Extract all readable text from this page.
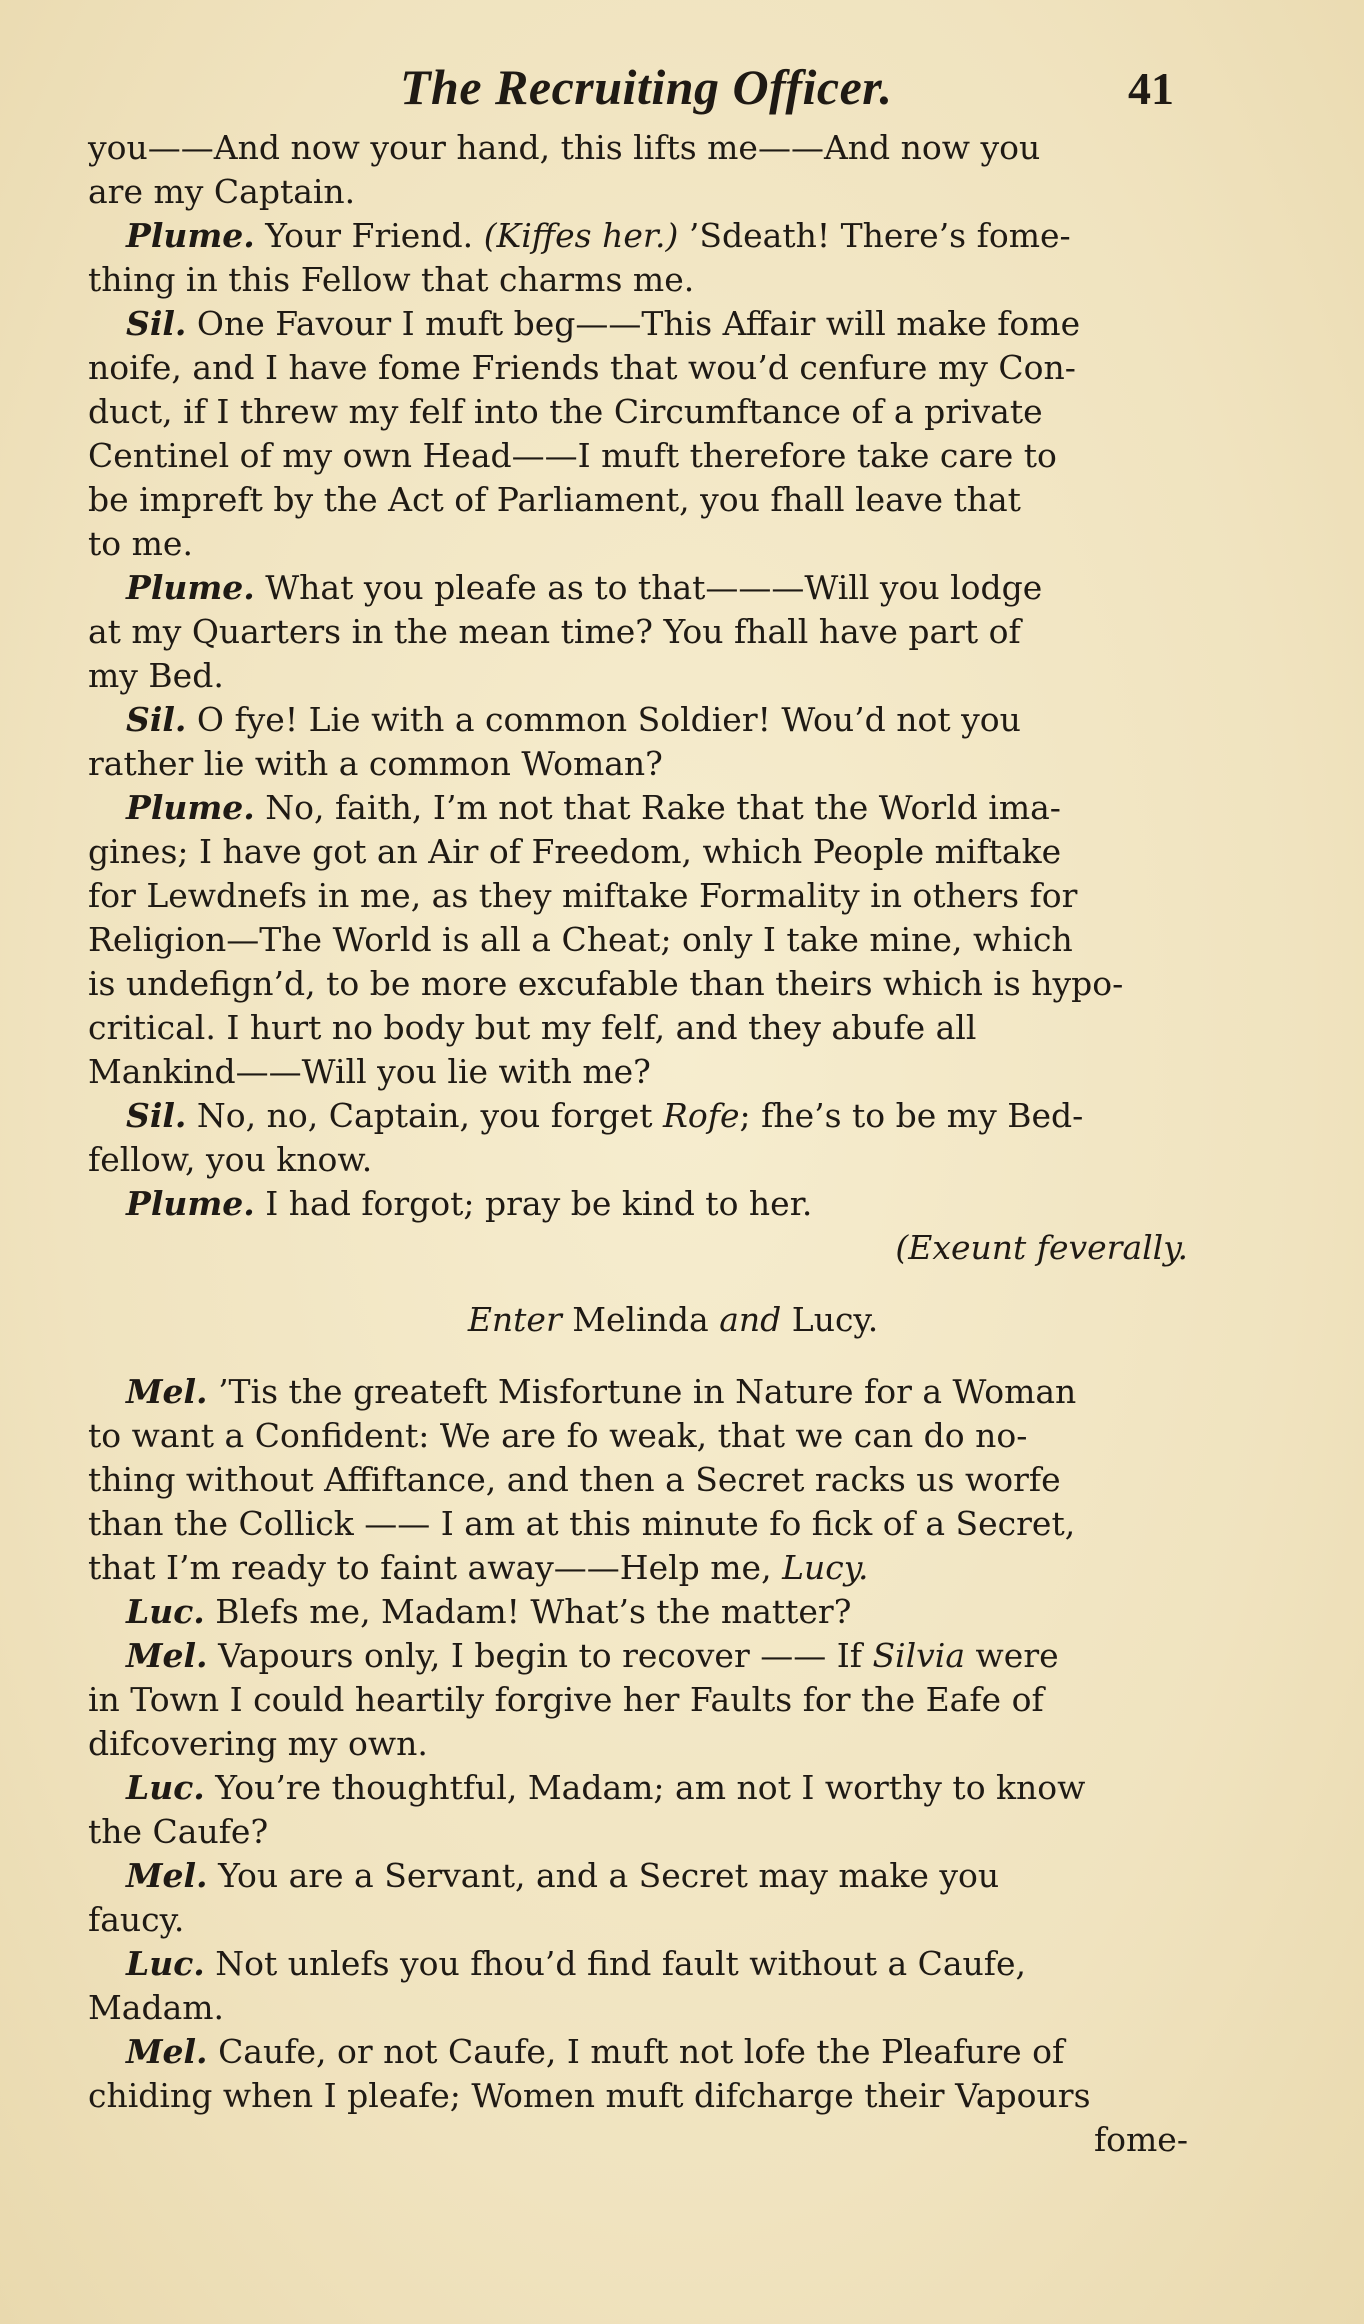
The Recruiting Officer.	41
you——And now your hand, this lifts me——And now you
are my Captain.
Plume. Your Friend. (Kiffes her.) ’Sdeath! There’s fome-
thing in this Fellow that charms me.
Sil. One Favour I muft beg——This Affair will make fome
noife, and I have fome Friends that wou’d cenfure my Con-
duct, if I threw my felf into the Circumftance of a private
Centinel of my own Head——I muft therefore take care to
be impreft by the Act of Parliament, you fhall leave that
to me.
Plume. What you pleafe as to that———Will you lodge
at my Quarters in the mean time? You fhall have part of
my Bed.
Sil. O fye! Lie with a common Soldier! Wou’d not you
rather lie with a common Woman?
Plume. No, faith, I’m not that Rake that the World ima-
gines; I have got an Air of Freedom, which People miftake
for Lewdnefs in me, as they miftake Formality in others for
Religion—The World is all a Cheat; only I take mine, which
is undefign’d, to be more excufable than theirs which is hypo-
critical. I hurt no body but my felf, and they abufe all
Mankind——Will you lie with me?
Sil. No, no, Captain, you forget Rofe; fhe’s to be my Bed-
fellow, you know.
Plume. I had forgot; pray be kind to her.
(Exeunt feverally.
Enter Melinda and Lucy.
Mel. ’Tis the greateft Misfortune in Nature for a Woman
to want a Confident: We are fo weak, that we can do no-
thing without Affiftance, and then a Secret racks us worfe
than the Collick —— I am at this minute fo fick of a Secret,
that I’m ready to faint away——Help me, Lucy.
Luc. Blefs me, Madam! What’s the matter?
Mel. Vapours only, I begin to recover —— If Silvia were
in Town I could heartily forgive her Faults for the Eafe of
difcovering my own.
Luc. You’re thoughtful, Madam; am not I worthy to know
the Caufe?
Mel. You are a Servant, and a Secret may make you
faucy.
Luc. Not unlefs you fhou’d find fault without a Caufe,
Madam.
Mel. Caufe, or not Caufe, I muft not lofe the Pleafure of
chiding when I pleafe; Women muft difcharge their Vapours
fome-
